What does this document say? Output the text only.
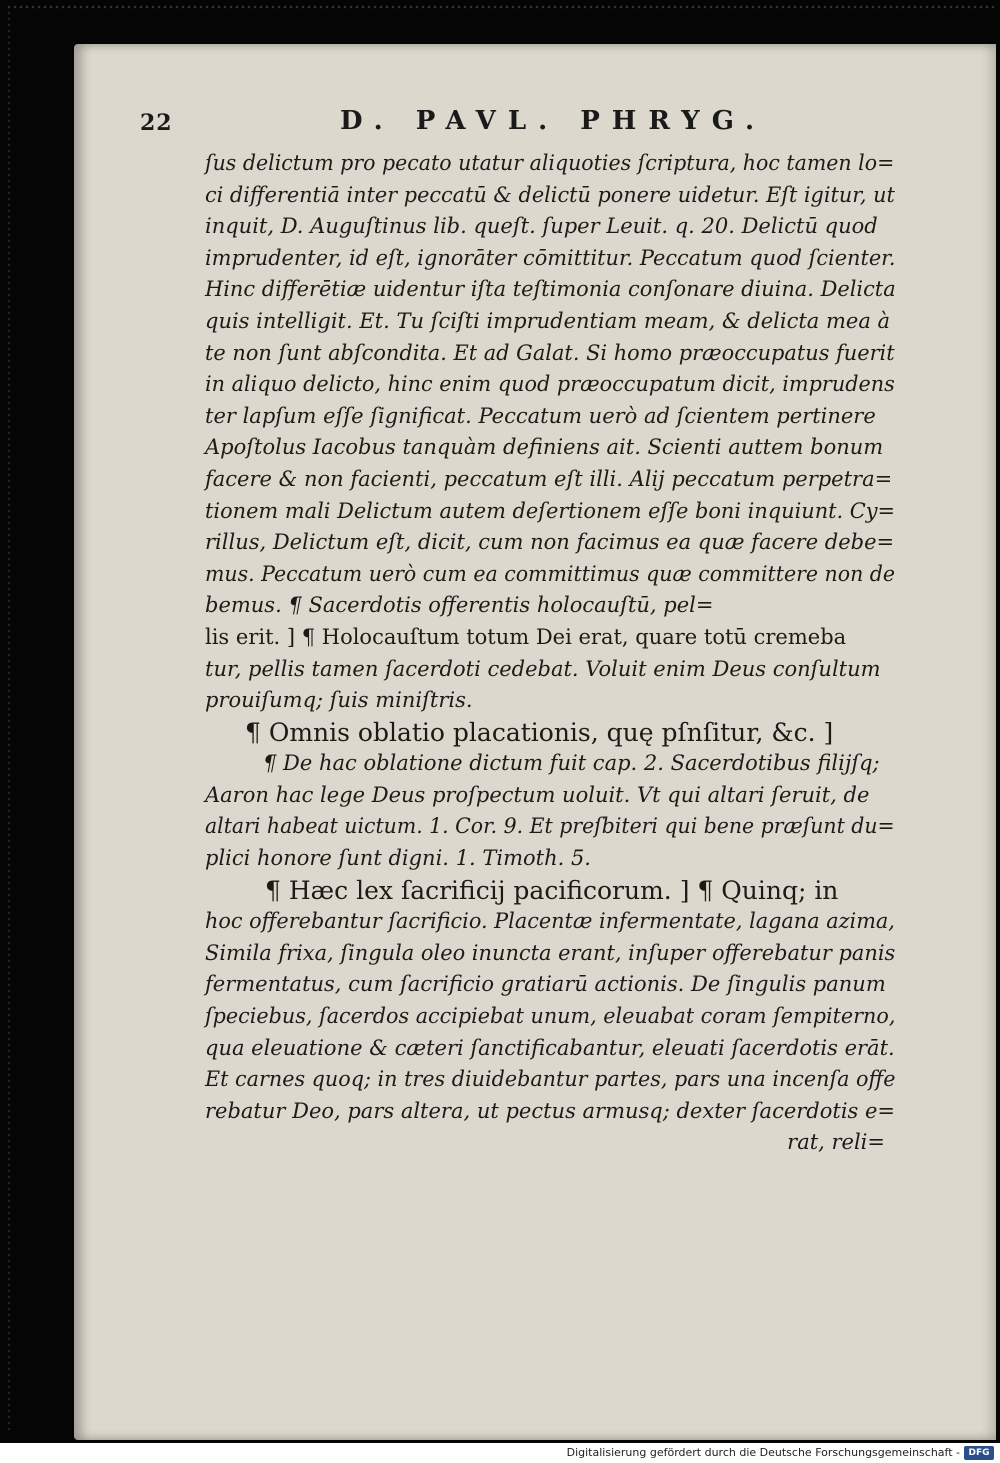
22	D. PAVL. PHRYG.
ſus delictum pro pecato utatur aliquoties ſcriptura, hoc tamen lo=
ci differentiā inter peccatū & delictū ponere uidetur. Eſt igitur, ut
inquit, D. Auguſtinus lib. queſt. ſuper Leuit. q. 20. Delictū quod
imprudenter, id eſt, ignorāter cōmittitur. Peccatum quod ſcienter.
Hinc differētiæ uidentur iſta teſtimonia conſonare diuina. Delicta
quis intelligit. Et. Tu ſciſti imprudentiam meam, & delicta mea à
te non ſunt abſcondita. Et ad Galat. Si homo præoccupatus fuerit
in aliquo delicto, hinc enim quod præoccupatum dicit, imprudens
ter lapſum eſſe ſignificat. Peccatum uerò ad ſcientem pertinere
Apoſtolus Iacobus tanquàm definiens ait. Scienti auttem bonum
facere & non facienti, peccatum eſt illi. Alij peccatum perpetra=
tionem mali Delictum autem deſertionem eſſe boni inquiunt. Cy=
rillus, Delictum eſt, dicit, cum non facimus ea quæ facere debe=
mus. Peccatum uerò cum ea committimus quæ committere non de
bemus. ¶ Sacerdotis offerentis holocauſtū, pel=
lis erit. ] ¶ Holocauſtum totum Dei erat, quare totū cremeba
tur, pellis tamen ſacerdoti cedebat. Voluit enim Deus conſultum
prouiſumq; ſuis miniſtris.
¶ Omnis oblatio placationis, quę pſnſitur, &c. ]
¶ De hac oblatione dictum fuit cap. 2. Sacerdotibus filijſq;
Aaron hac lege Deus proſpectum uoluit. Vt qui altari ſeruit, de
altari habeat uictum. 1. Cor. 9. Et preſbiteri qui bene præſunt du=
plici honore ſunt digni. 1. Timoth. 5.
¶ Hæc lex ſacrificij pacificorum. ] ¶ Quinq; in
hoc offerebantur ſacrificio. Placentæ infermentate, lagana azima,
Simila frixa, ſingula oleo inuncta erant, inſuper offerebatur panis
fermentatus, cum ſacrificio gratiarū actionis. De ſingulis panum
ſpeciebus, ſacerdos accipiebat unum, eleuabat coram ſempiterno,
qua eleuatione & cæteri ſanctificabantur, eleuati ſacerdotis erāt.
Et carnes quoq; in tres diuidebantur partes, pars una incenſa offe
rebatur Deo, pars altera, ut pectus armusq; dexter ſacerdotis e=
rat, reli=
Digitalisierung gefördert durch die Deutsche Forschungsgemeinschaft - DFG
